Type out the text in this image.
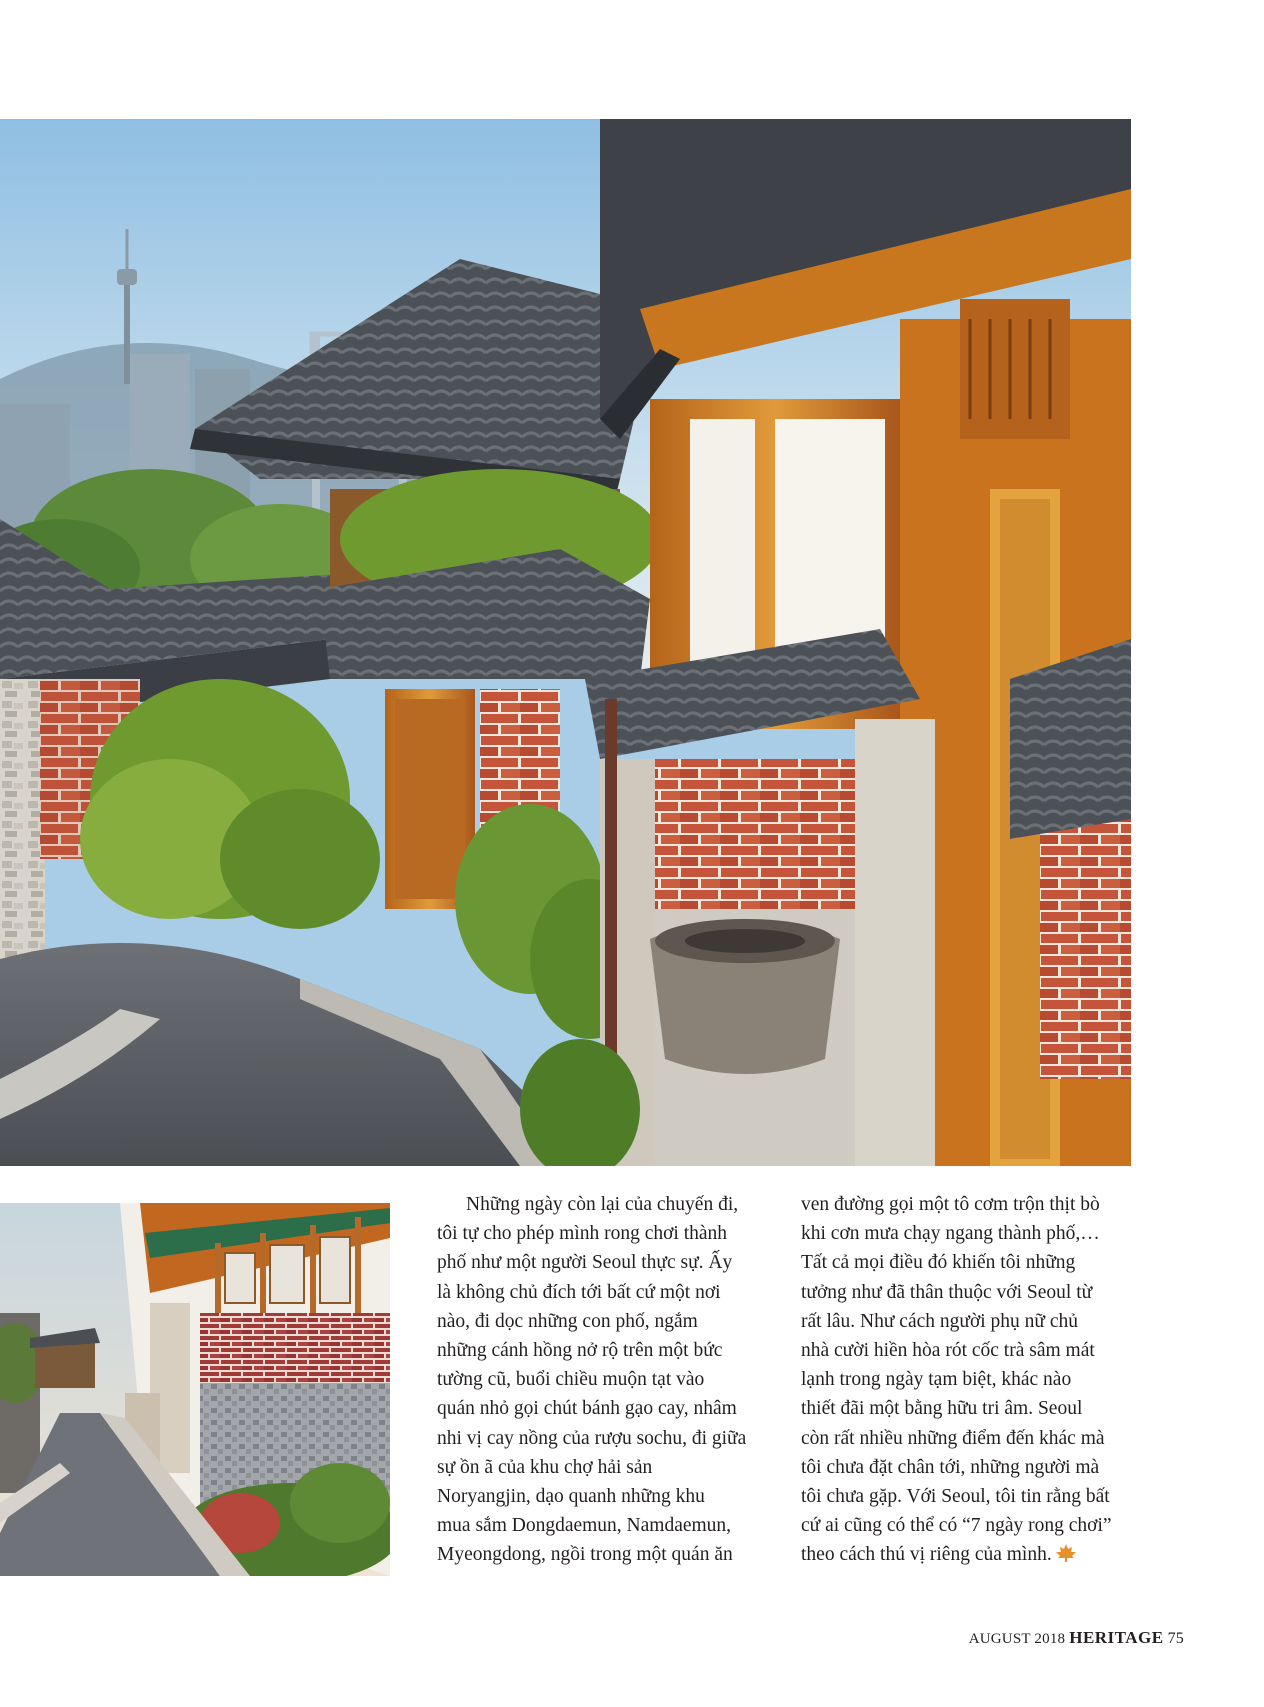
Những ngày còn lại của chuyến đi,
tôi tự cho phép mình rong chơi thành
phố như một người Seoul thực sự. Ấy
là không chủ đích tới bất cứ một nơi
nào, đi dọc những con phố, ngắm
những cánh hồng nở rộ trên một bức
tường cũ, buổi chiều muộn tạt vào
quán nhỏ gọi chút bánh gạo cay, nhâm
nhi vị cay nồng của rượu sochu, đi giữa
sự ồn ã của khu chợ hải sản
Noryangjin, dạo quanh những khu
mua sắm Dongdaemun, Namdaemun,
Myeongdong, ngồi trong một quán ăn
ven đường gọi một tô cơm trộn thịt bò
khi cơn mưa chạy ngang thành phố,…
Tất cả mọi điều đó khiến tôi những
tưởng như đã thân thuộc với Seoul từ
rất lâu. Như cách người phụ nữ chủ
nhà cười hiền hòa rót cốc trà sâm mát
lạnh trong ngày tạm biệt, khác nào
thiết đãi một bằng hữu tri âm. Seoul
còn rất nhiều những điểm đến khác mà
tôi chưa đặt chân tới, những người mà
tôi chưa gặp. Với Seoul, tôi tin rằng bất
cứ ai cũng có thể có “7 ngày rong chơi”
theo cách thú vị riêng của mình.
AUGUST 2018 HERITAGE 75
